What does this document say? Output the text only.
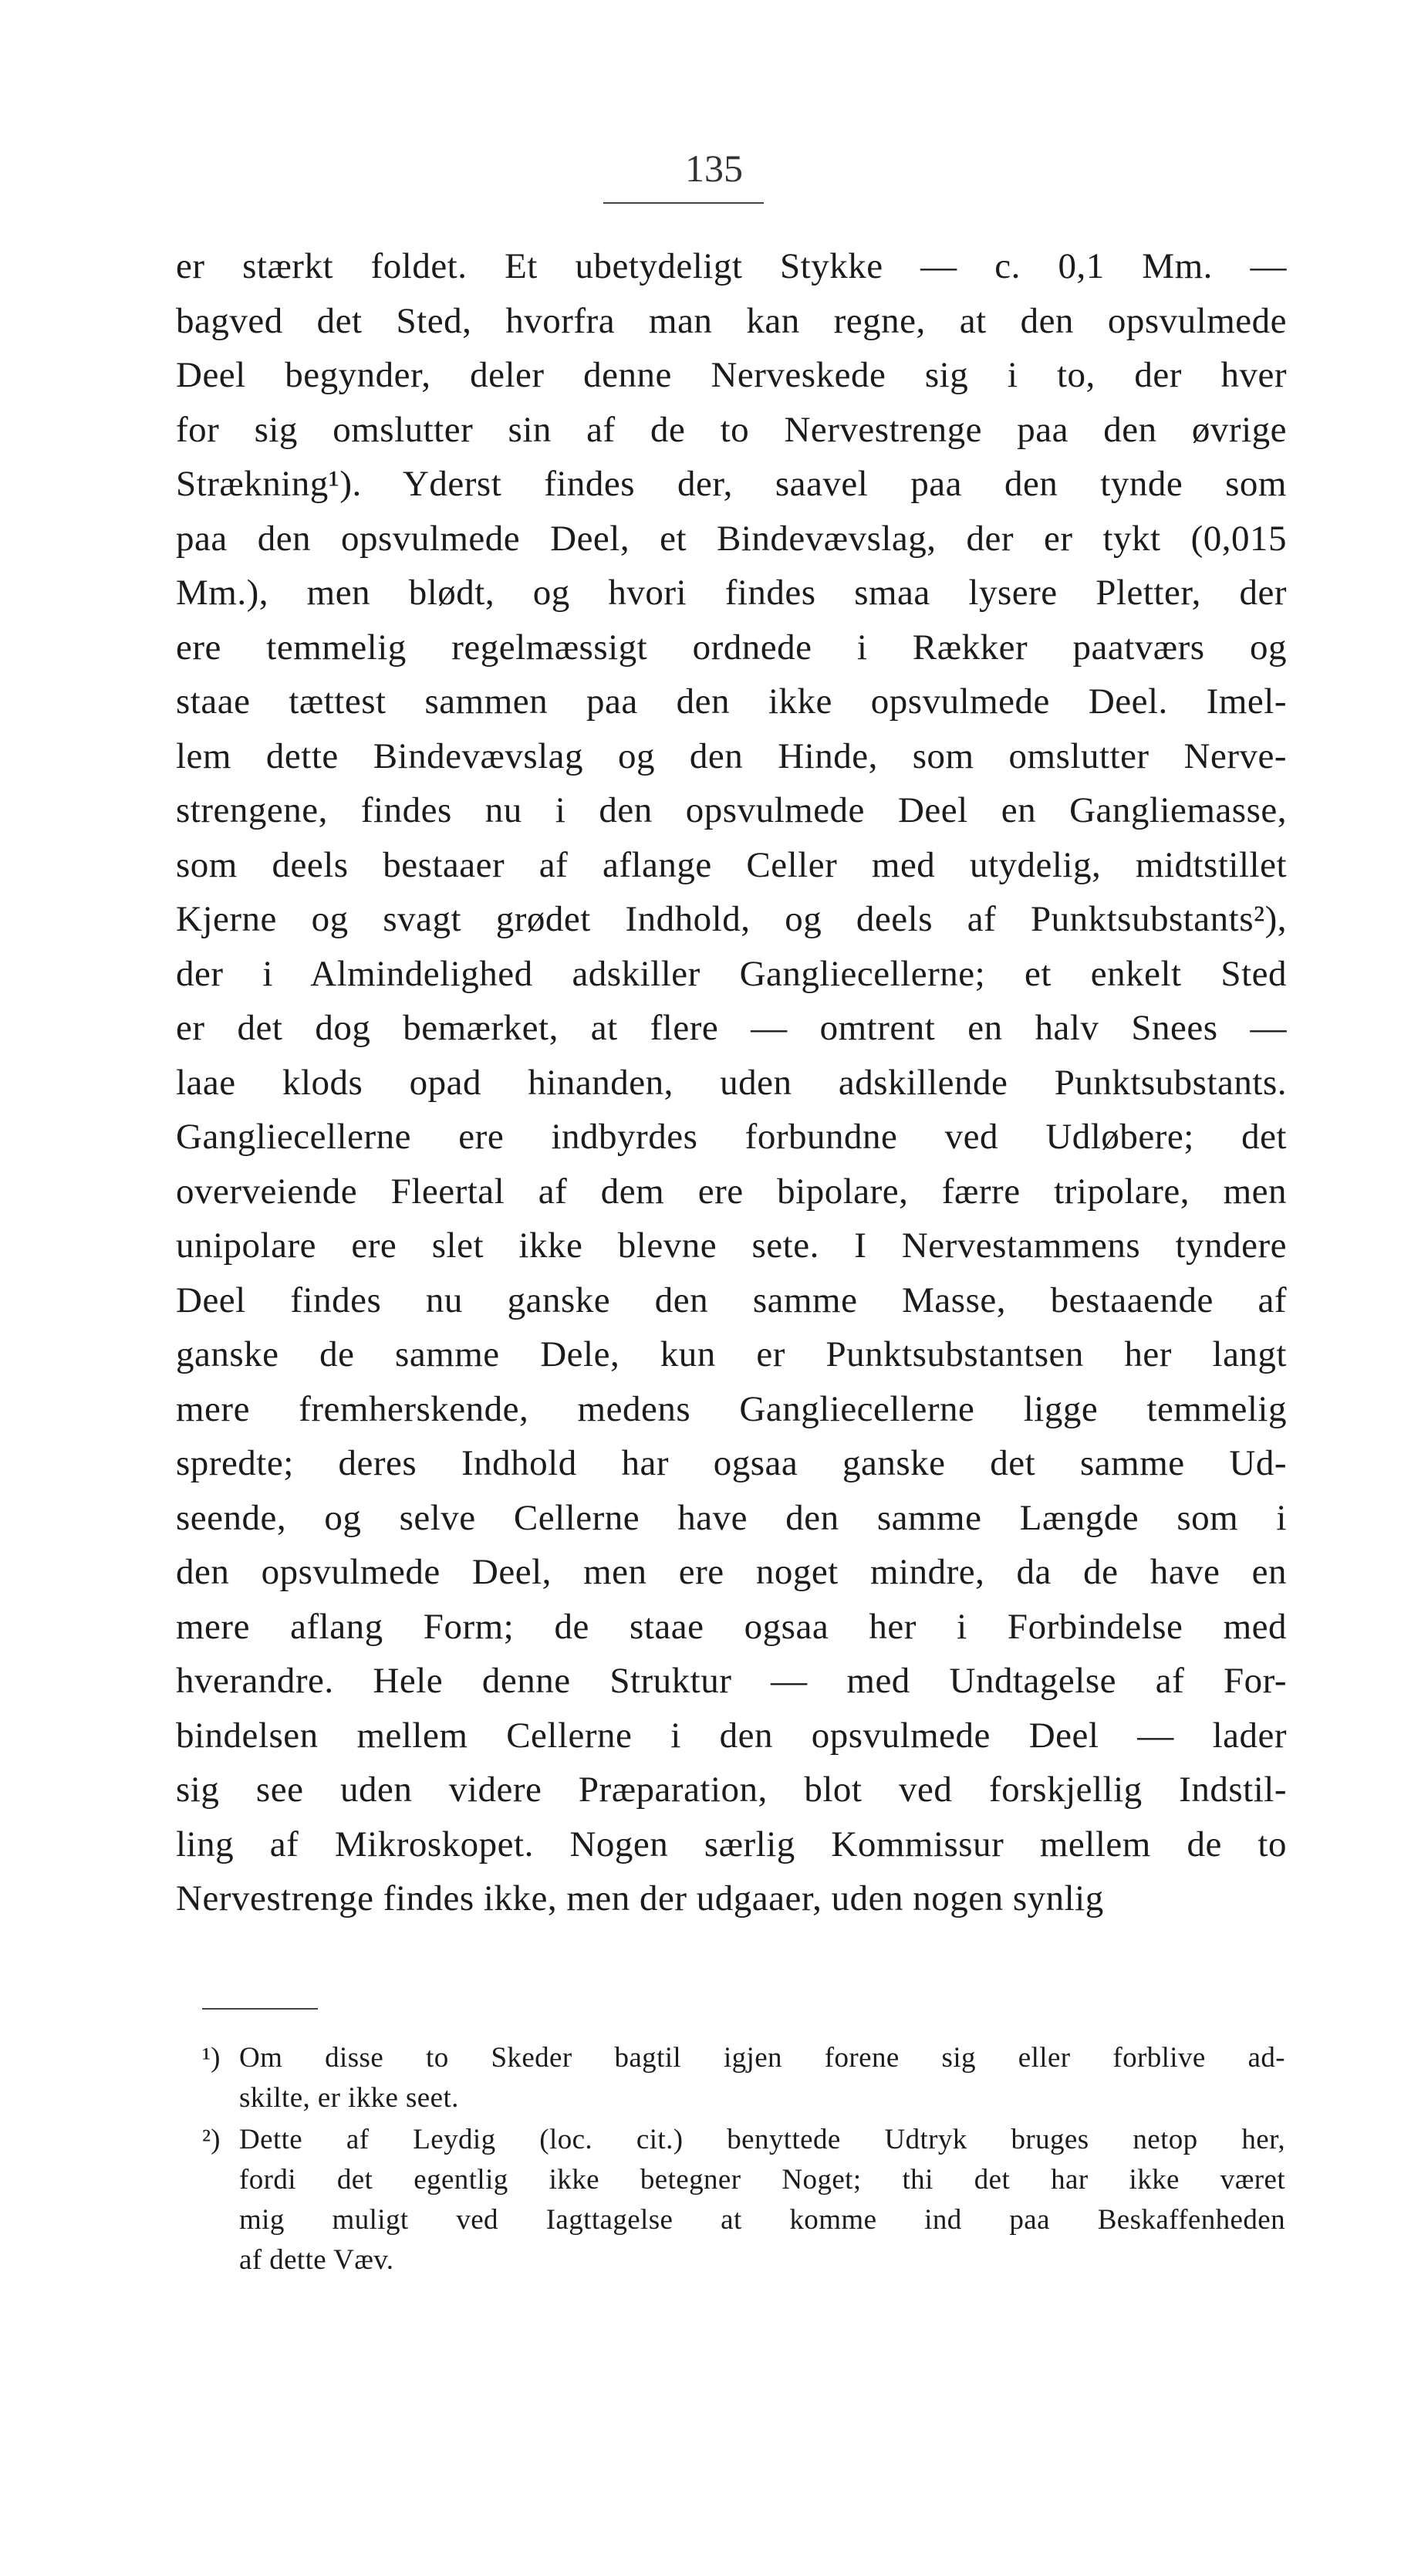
135
er stærkt foldet. Et ubetydeligt Stykke — c. 0,1 Mm. —
bagved det Sted, hvorfra man kan regne, at den opsvulmede
Deel begynder, deler denne Nerveskede sig i to, der hver
for sig omslutter sin af de to Nervestrenge paa den øvrige
Strækning¹). Yderst findes der, saavel paa den tynde som
paa den opsvulmede Deel, et Bindevævslag, der er tykt (0,015
Mm.), men blødt, og hvori findes smaa lysere Pletter, der
ere temmelig regelmæssigt ordnede i Rækker paatværs og
staae tættest sammen paa den ikke opsvulmede Deel. Imel-
lem dette Bindevævslag og den Hinde, som omslutter Nerve-
strengene, findes nu i den opsvulmede Deel en Gangliemasse,
som deels bestaaer af aflange Celler med utydelig, midtstillet
Kjerne og svagt grødet Indhold, og deels af Punktsubstants²),
der i Almindelighed adskiller Gangliecellerne; et enkelt Sted
er det dog bemærket, at flere — omtrent en halv Snees —
laae klods opad hinanden, uden adskillende Punktsubstants.
Gangliecellerne ere indbyrdes forbundne ved Udløbere; det
overveiende Fleertal af dem ere bipolare, færre tripolare, men
unipolare ere slet ikke blevne sete. I Nervestammens tyndere
Deel findes nu ganske den samme Masse, bestaaende af
ganske de samme Dele, kun er Punktsubstantsen her langt
mere fremherskende, medens Gangliecellerne ligge temmelig
spredte; deres Indhold har ogsaa ganske det samme Ud-
seende, og selve Cellerne have den samme Længde som i
den opsvulmede Deel, men ere noget mindre, da de have en
mere aflang Form; de staae ogsaa her i Forbindelse med
hverandre. Hele denne Struktur — med Undtagelse af For-
bindelsen mellem Cellerne i den opsvulmede Deel — lader
sig see uden videre Præparation, blot ved forskjellig Indstil-
ling af Mikroskopet. Nogen særlig Kommissur mellem de to
Nervestrenge findes ikke, men der udgaaer, uden nogen synlig
¹) Om disse to Skeder bagtil igjen forene sig eller forblive ad-
skilte, er ikke seet.
²) Dette af Leydig (loc. cit.) benyttede Udtryk bruges netop her,
fordi det egentlig ikke betegner Noget; thi det har ikke været
mig muligt ved Iagttagelse at komme ind paa Beskaffenheden
af dette Væv.
